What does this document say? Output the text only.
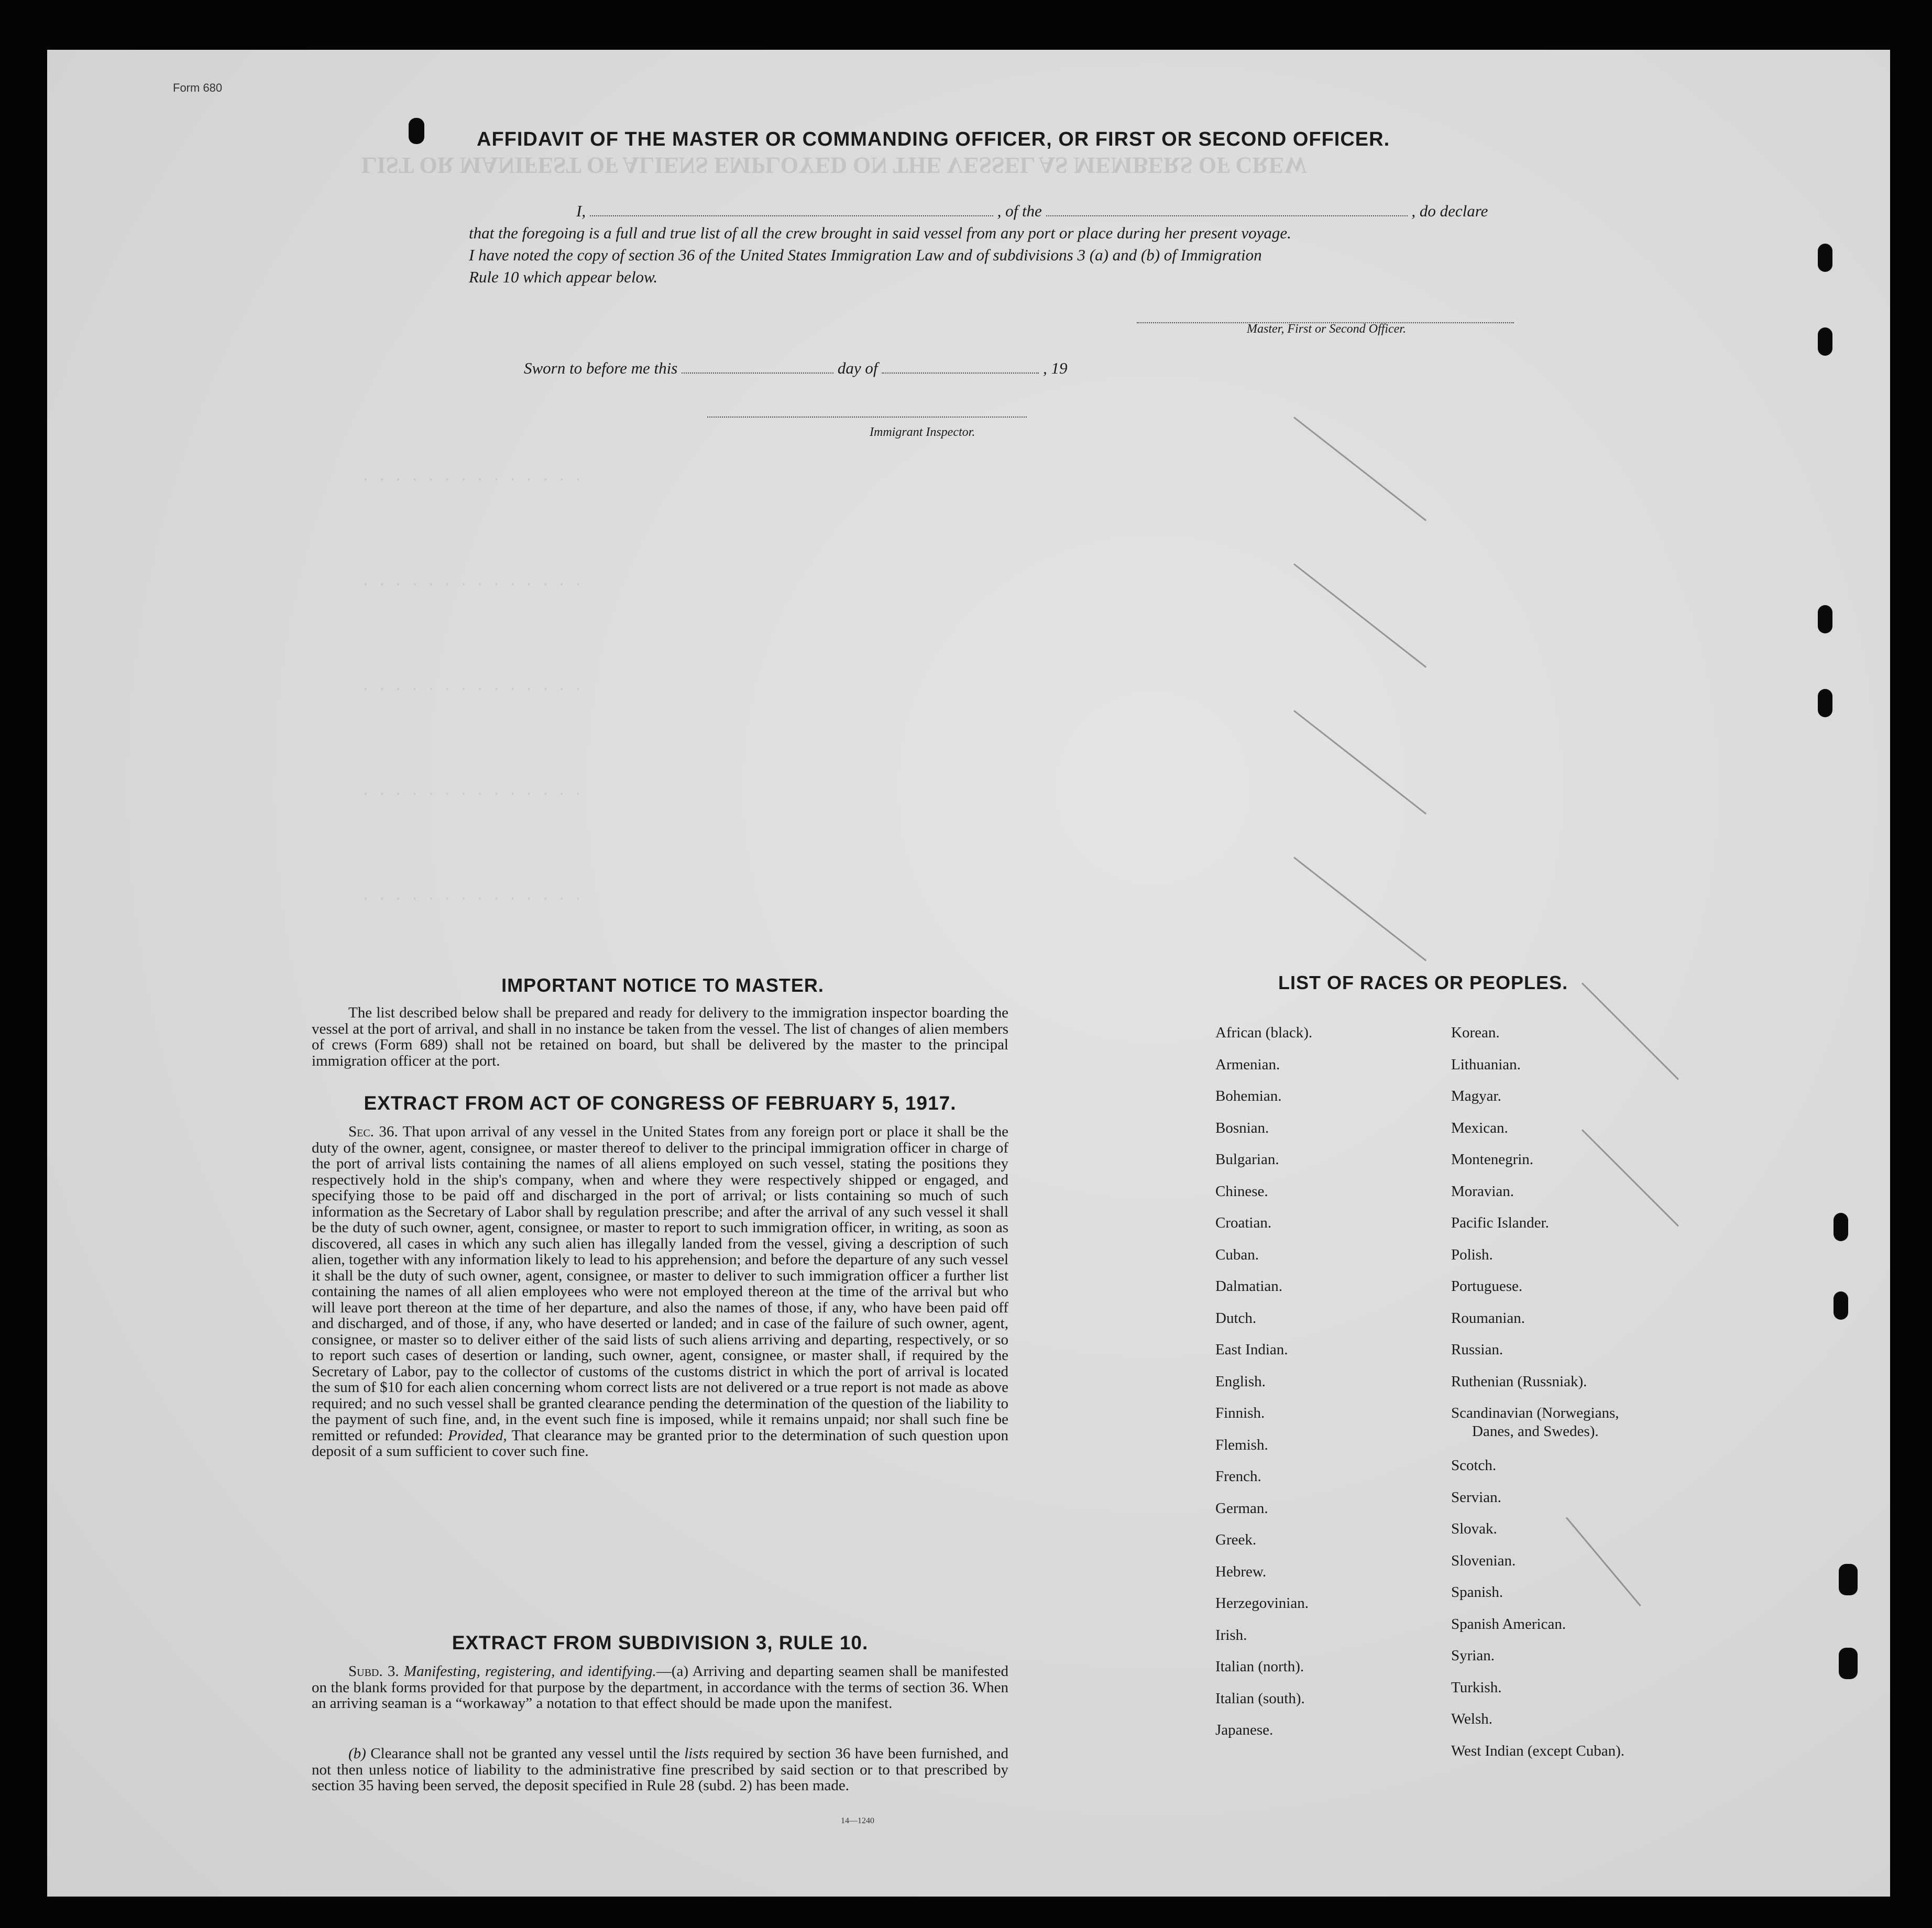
LIST OR MANIFEST OF ALIENS EMPLOYED ON THE VESSEL AS MEMBERS OF CREW
. . . . . . . . . . . . . .
. . . . . . . . . . . . . .
. . . . . . . . . . . . . .
. . . . . . . . . . . . . .
. . . . . . . . . . . . . .
Form 680
AFFIDAVIT OF THE MASTER OR COMMANDING OFFICER, OR FIRST OR SECOND OFFICER.
I,	, of the	, do declare
that the foregoing is a full and true list of all the crew brought in said vessel from any port or place during her present voyage.
I have noted the copy of section 36 of the United States Immigration Law and of subdivisions 3 (a) and (b) of Immigration
Rule 10 which appear below.
Master, First or Second Officer.
Sworn to before me this	day of	, 19
Immigrant Inspector.
IMPORTANT NOTICE TO MASTER.
The list described below shall be prepared and ready for delivery to the immigration inspector boarding the vessel at the port of arrival, and shall in no instance be taken from the vessel. The list of changes of alien members of crews (Form 689) shall not be retained on board, but shall be delivered by the master to the principal immigration officer at the port.
EXTRACT FROM ACT OF CONGRESS OF FEBRUARY 5, 1917.
Sec. 36. That upon arrival of any vessel in the United States from any foreign port or place it shall be the duty of the owner, agent, consignee, or master thereof to deliver to the principal immigration officer in charge of the port of arrival lists containing the names of all aliens employed on such vessel, stating the positions they respectively hold in the ship's company, when and where they were respectively shipped or engaged, and specifying those to be paid off and discharged in the port of arrival; or lists containing so much of such information as the Secretary of Labor shall by regulation prescribe; and after the arrival of any such vessel it shall be the duty of such owner, agent, consignee, or master to report to such immigration officer, in writing, as soon as discovered, all cases in which any such alien has illegally landed from the vessel, giving a description of such alien, together with any information likely to lead to his apprehension; and before the departure of any such vessel it shall be the duty of such owner, agent, consignee, or master to deliver to such immigration officer a further list containing the names of all alien employees who were not employed thereon at the time of the arrival but who will leave port thereon at the time of her departure, and also the names of those, if any, who have been paid off and discharged, and of those, if any, who have deserted or landed; and in case of the failure of such owner, agent, consignee, or master so to deliver either of the said lists of such aliens arriving and departing, respectively, or so to report such cases of desertion or landing, such owner, agent, consignee, or master shall, if required by the Secretary of Labor, pay to the collector of customs of the customs district in which the port of arrival is located the sum of $10 for each alien concerning whom correct lists are not delivered or a true report is not made as above required; and no such vessel shall be granted clearance pending the determination of the question of the liability to the payment of such fine, and, in the event such fine is imposed, while it remains unpaid; nor shall such fine be remitted or refunded: Provided, That clearance may be granted prior to the determination of such question upon deposit of a sum sufficient to cover such fine.
EXTRACT FROM SUBDIVISION 3, RULE 10.
Subd. 3. Manifesting, registering, and identifying.—(a) Arriving and departing seamen shall be manifested on the blank forms provided for that purpose by the department, in accordance with the terms of section 36. When an arriving seaman is a “workaway” a notation to that effect should be made upon the manifest.
(b) Clearance shall not be granted any vessel until the lists required by section 36 have been furnished, and not then unless notice of liability to the administrative fine prescribed by said section or to that prescribed by section 35 having been served, the deposit specified in Rule 28 (subd. 2) has been made.
14—1240
LIST OF RACES OR PEOPLES.
African (black).
Armenian.
Bohemian.
Bosnian.
Bulgarian.
Chinese.
Croatian.
Cuban.
Dalmatian.
Dutch.
East Indian.
English.
Finnish.
Flemish.
French.
German.
Greek.
Hebrew.
Herzegovinian.
Irish.
Italian (north).
Italian (south).
Japanese.
Korean.
Lithuanian.
Magyar.
Mexican.
Montenegrin.
Moravian.
Pacific Islander.
Polish.
Portuguese.
Roumanian.
Russian.
Ruthenian (Russniak).
Scandinavian (Norwegians,
Danes, and Swedes).
Scotch.
Servian.
Slovak.
Slovenian.
Spanish.
Spanish American.
Syrian.
Turkish.
Welsh.
West Indian (except Cuban).
